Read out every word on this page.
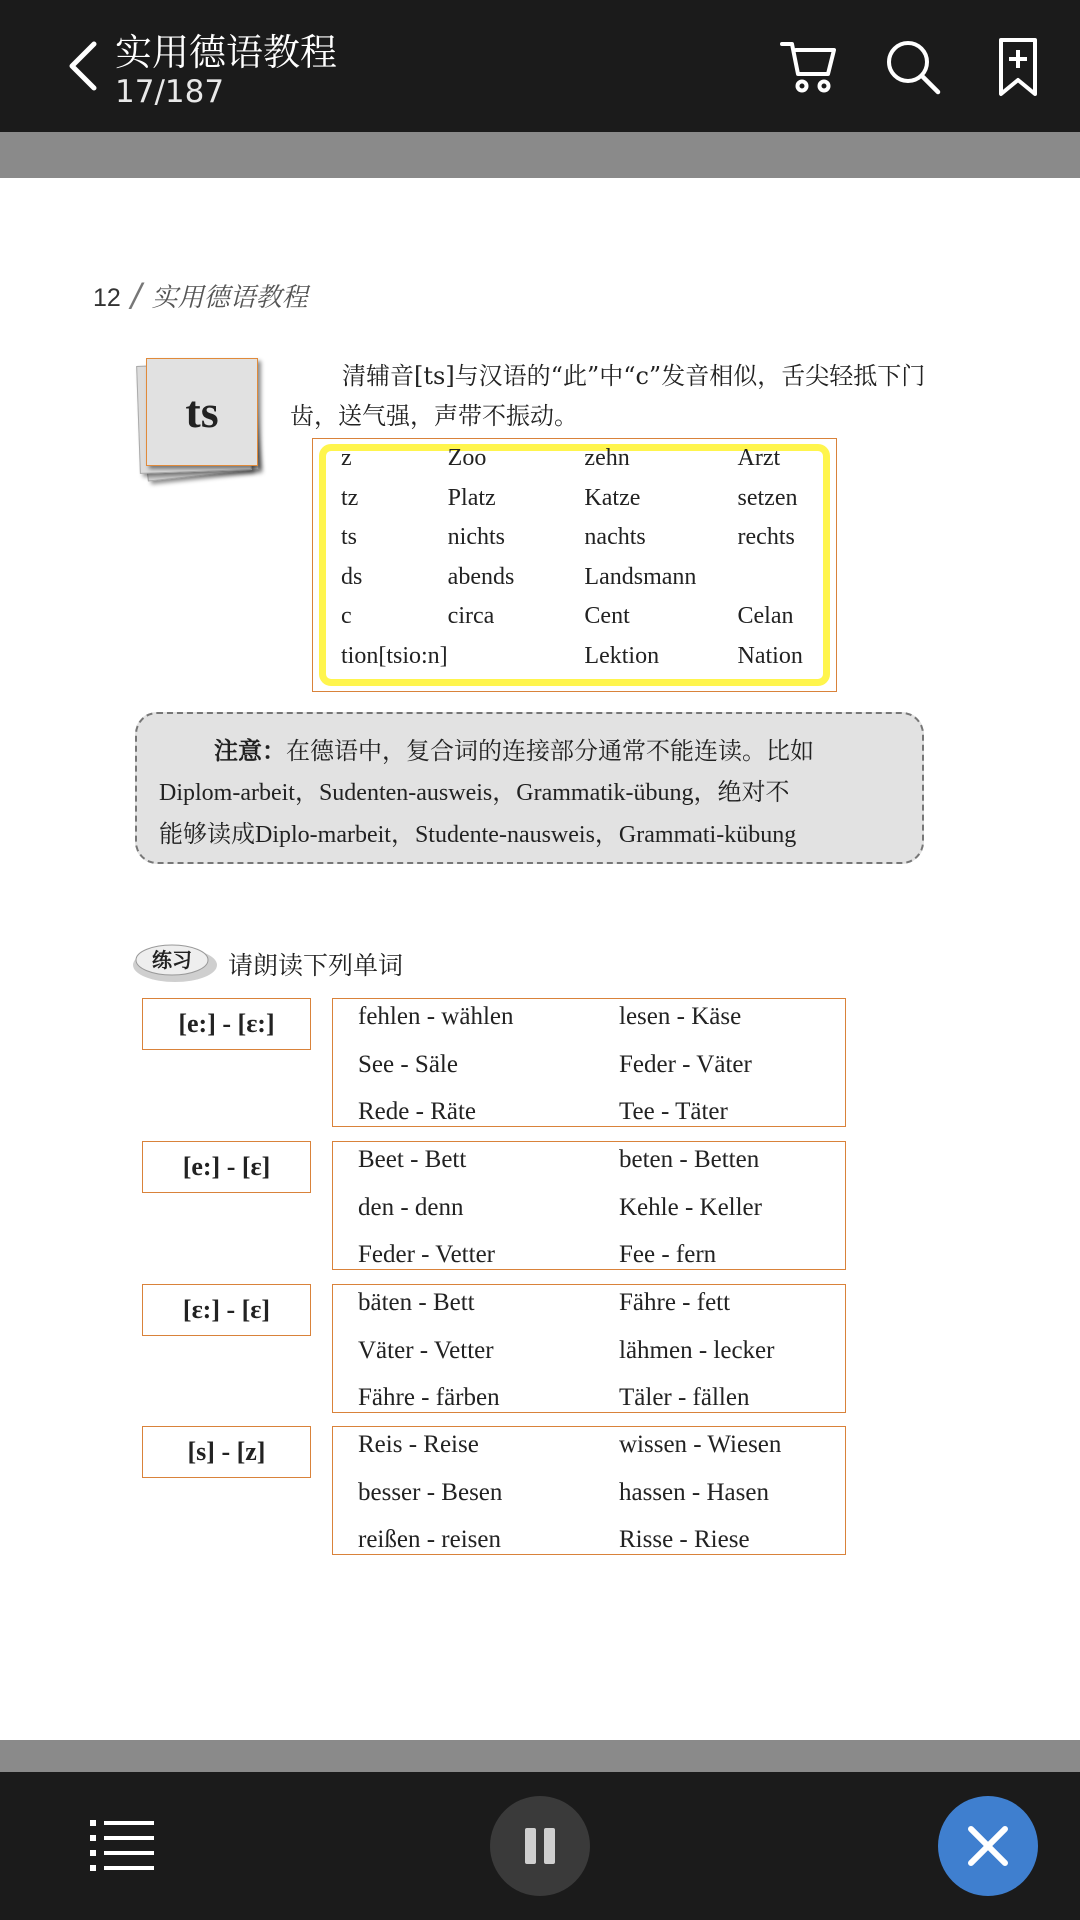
实用德语教程
17/187
12 / 实用德语教程
ts
清辅音[ts]与汉语的“此”中“c”发音相似，舌尖轻抵下门齿，送气强，声带不振动。
z	Zoo	zehn	Arzt
tz	Platz	Katze	setzen
ts	nichts	nachts	rechts
ds	abends	Landsmann	
c	circa	Cent	Celan
tion[tsio:n]		Lektion	Nation
注意：在德语中，复合词的连接部分通常不能连读。比如
Diplom-arbeit，Sudenten-ausweis，Grammatik-übung，绝对不
能够读成Diplo-marbeit，Studente-nausweis，Grammati-kübung
练习 请朗读下列单词
[e:] - [ɛ:]	fehlen - wählen	lesen - Käse
See - Säle	Feder - Väter
Rede - Räte	Tee - Täter
[e:] - [ɛ]	Beet - Bett	beten - Betten
den - denn	Kehle - Keller
Feder - Vetter	Fee - fern
[ɛ:] - [ɛ]	bäten - Bett	Fähre - fett
Väter - Vetter	lähmen - lecker
Fähre - färben	Täler - fällen
[s] - [z]	Reis - Reise	wissen - Wiesen
besser - Besen	hassen - Hasen
reißen - reisen	Risse - Riese
